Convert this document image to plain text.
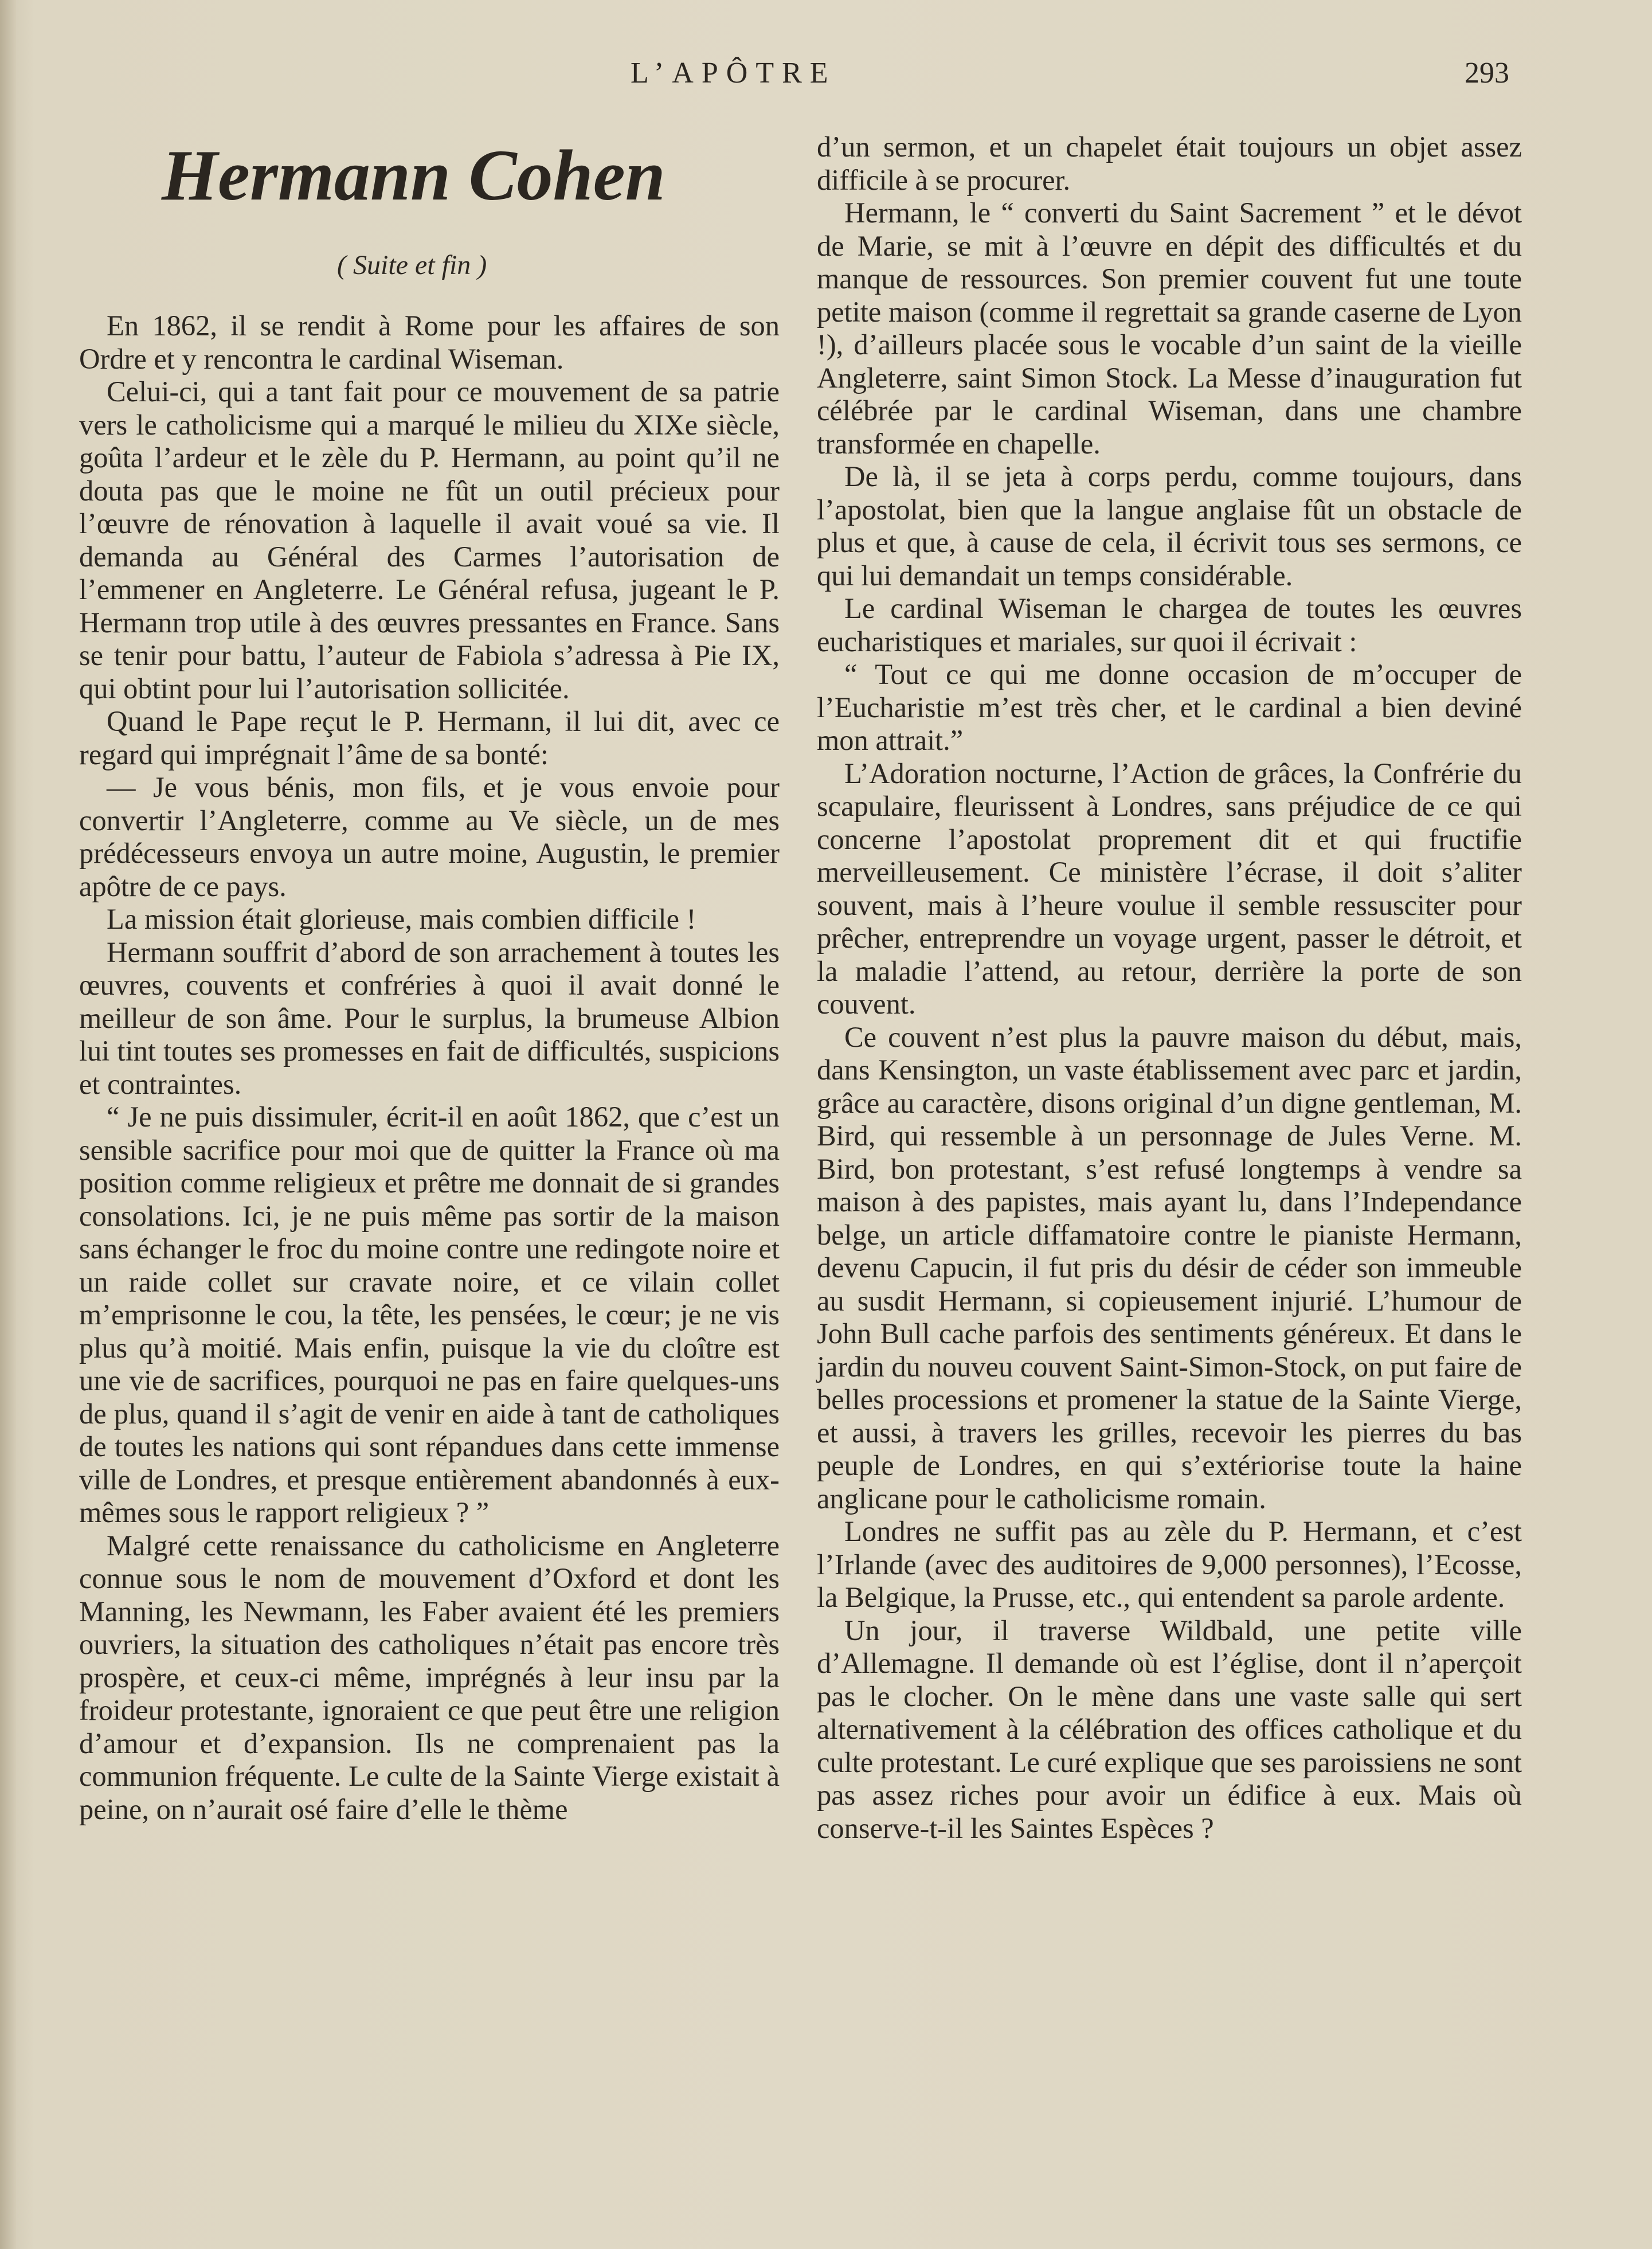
L’APÔTRE	293
Hermann Cohen
( Suite et fin )

En 1862, il se rendit à Rome pour les affaires de son Ordre et y rencontra le cardinal Wiseman.

Celui-ci, qui a tant fait pour ce mouvement de sa patrie vers le catholicisme qui a marqué le milieu du XIXe siècle, goûta l’ardeur et le zèle du P. Hermann, au point qu’il ne douta pas que le moine ne fût un outil précieux pour l’œuvre de rénovation à laquelle il avait voué sa vie. Il demanda au Général des Carmes l’autorisation de l’emmener en Angleterre. Le Général refusa, jugeant le P. Hermann trop utile à des œuvres pressantes en France. Sans se tenir pour battu, l’auteur de Fabiola s’adressa à Pie IX, qui obtint pour lui l’autorisation sollicitée.

Quand le Pape reçut le P. Hermann, il lui dit, avec ce regard qui imprégnait l’âme de sa bonté:

— Je vous bénis, mon fils, et je vous envoie pour convertir l’Angleterre, comme au Ve siècle, un de mes prédécesseurs envoya un autre moine, Augustin, le premier apôtre de ce pays.

La mission était glorieuse, mais combien difficile !

Hermann souffrit d’abord de son arrachement à toutes les œuvres, couvents et confréries à quoi il avait donné le meilleur de son âme. Pour le surplus, la brumeuse Albion lui tint toutes ses promesses en fait de difficultés, suspicions et contraintes.

“ Je ne puis dissimuler, écrit-il en août 1862, que c’est un sensible sacrifice pour moi que de quitter la France où ma position comme religieux et prêtre me donnait de si grandes consolations. Ici, je ne puis même pas sortir de la maison sans échanger le froc du moine contre une redingote noire et un raide collet sur cravate noire, et ce vilain collet m’emprisonne le cou, la tête, les pensées, le cœur; je ne vis plus qu’à moitié. Mais enfin, puisque la vie du cloître est une vie de sacrifices, pourquoi ne pas en faire quelques-uns de plus, quand il s’agit de venir en aide à tant de catholiques de toutes les nations qui sont répandues dans cette immense ville de Londres, et presque entièrement abandonnés à eux-mêmes sous le rapport religieux ? ”

Malgré cette renaissance du catholicisme en Angleterre connue sous le nom de mouvement d’Oxford et dont les Manning, les Newmann, les Faber avaient été les premiers ouvriers, la situation des catholiques n’était pas encore très prospère, et ceux-ci même, imprégnés à leur insu par la froideur protestante, ignoraient ce que peut être une religion d’amour et d’expansion. Ils ne comprenaient pas la communion fréquente. Le culte de la Sainte Vierge existait à peine, on n’aurait osé faire d’elle le thème

d’un sermon, et un chapelet était toujours un objet assez difficile à se procurer.

Hermann, le “ converti du Saint Sacrement ” et le dévot de Marie, se mit à l’œuvre en dépit des difficultés et du manque de ressources. Son premier couvent fut une toute petite maison (comme il regrettait sa grande caserne de Lyon !), d’ailleurs placée sous le vocable d’un saint de la vieille Angleterre, saint Simon Stock. La Messe d’inauguration fut célébrée par le cardinal Wiseman, dans une chambre transformée en chapelle.

De là, il se jeta à corps perdu, comme toujours, dans l’apostolat, bien que la langue anglaise fût un obstacle de plus et que, à cause de cela, il écrivit tous ses sermons, ce qui lui demandait un temps considérable.

Le cardinal Wiseman le chargea de toutes les œuvres eucharistiques et mariales, sur quoi il écrivait :

“ Tout ce qui me donne occasion de m’occuper de l’Eucharistie m’est très cher, et le cardinal a bien deviné mon attrait.”

L’Adoration nocturne, l’Action de grâces, la Confrérie du scapulaire, fleurissent à Londres, sans préjudice de ce qui concerne l’apostolat proprement dit et qui fructifie merveilleusement. Ce ministère l’écrase, il doit s’aliter souvent, mais à l’heure voulue il semble ressusciter pour prêcher, entreprendre un voyage urgent, passer le détroit, et la maladie l’attend, au retour, derrière la porte de son couvent.

Ce couvent n’est plus la pauvre maison du début, mais, dans Kensington, un vaste établissement avec parc et jardin, grâce au caractère, disons original d’un digne gentleman, M. Bird, qui ressemble à un personnage de Jules Verne. M. Bird, bon protestant, s’est refusé longtemps à vendre sa maison à des papistes, mais ayant lu, dans l’Independance belge, un article diffamatoire contre le pianiste Hermann, devenu Capucin, il fut pris du désir de céder son immeuble au susdit Hermann, si copieusement injurié. L’humour de John Bull cache parfois des sentiments généreux. Et dans le jardin du nouveu couvent Saint-Simon-Stock, on put faire de belles processions et promener la statue de la Sainte Vierge, et aussi, à travers les grilles, recevoir les pierres du bas peuple de Londres, en qui s’extériorise toute la haine anglicane pour le catholicisme romain.

Londres ne suffit pas au zèle du P. Hermann, et c’est l’Irlande (avec des auditoires de 9,000 personnes), l’Ecosse, la Belgique, la Prusse, etc., qui entendent sa parole ardente.

Un jour, il traverse Wildbald, une petite ville d’Allemagne. Il demande où est l’église, dont il n’aperçoit pas le clocher. On le mène dans une vaste salle qui sert alternativement à la célébration des offices catholique et du culte protestant. Le curé explique que ses paroissiens ne sont pas assez riches pour avoir un édifice à eux. Mais où conserve-t-il les Saintes Espèces ?
